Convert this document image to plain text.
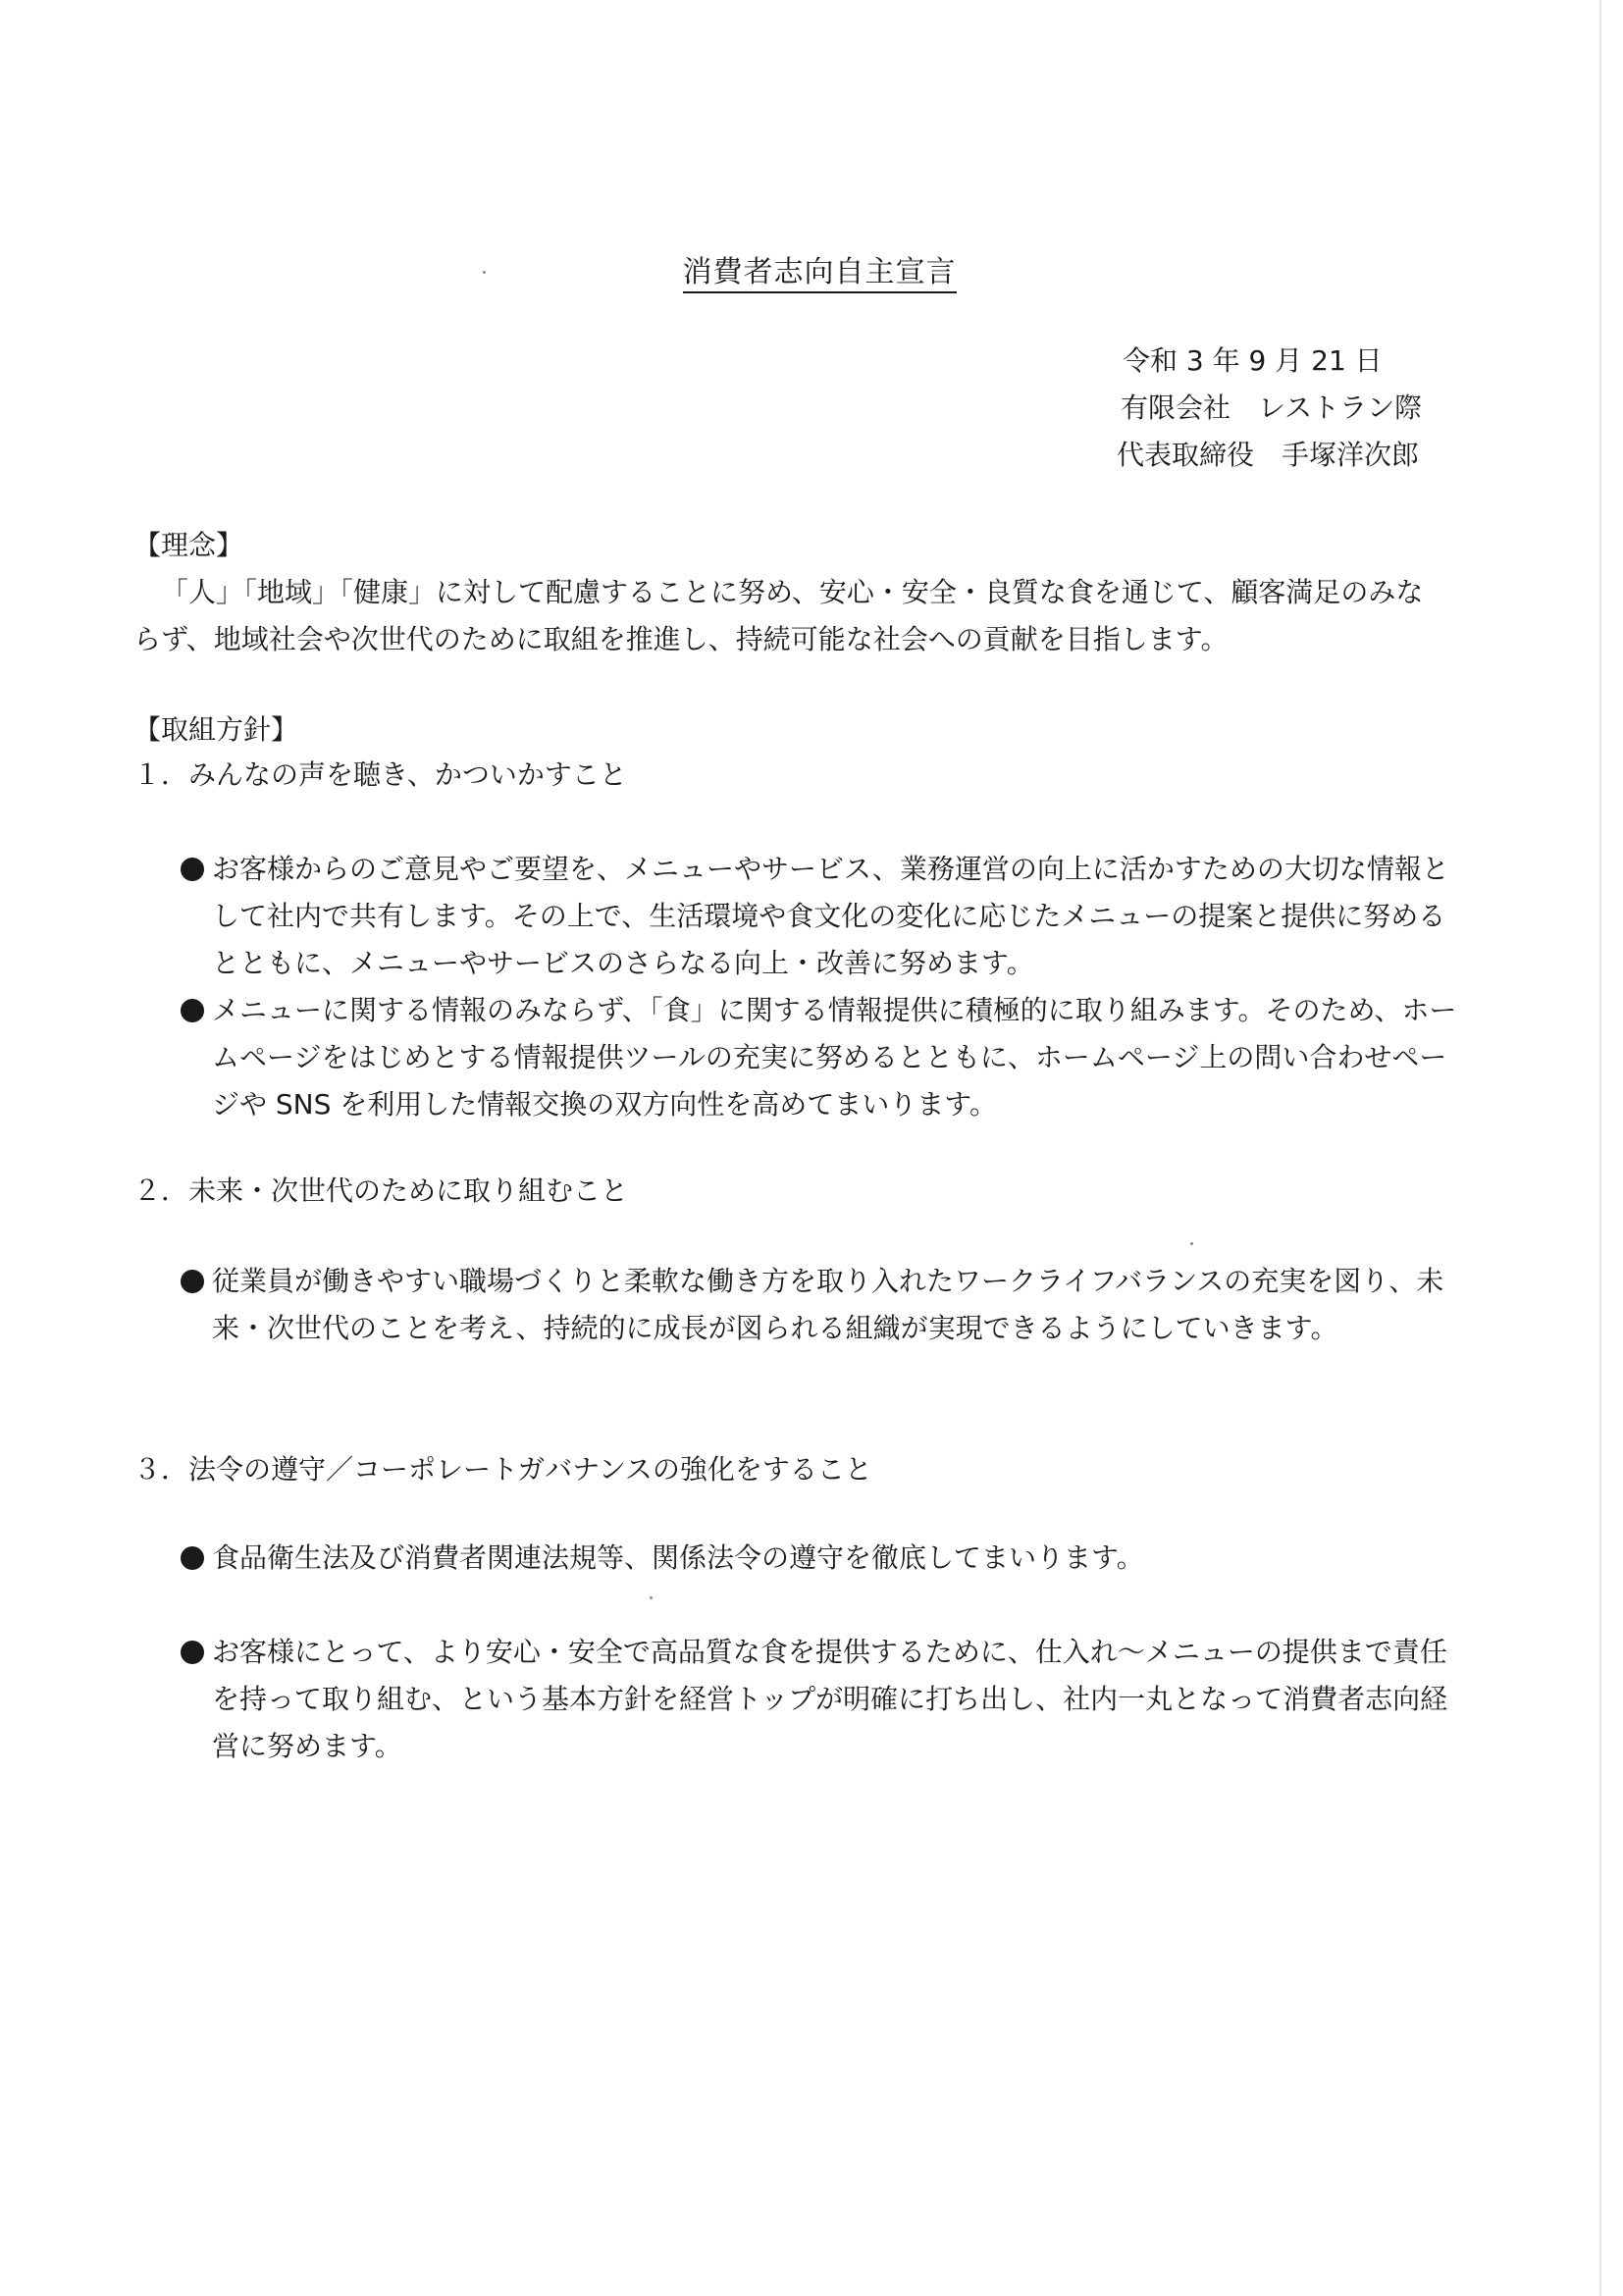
消費者志向自主宣言
令和 3 年 9 月 21 日
有限会社　レストラン際
代表取締役　手塚洋次郎
【理念】

「人」「地域」「健康」に対して配慮することに努め、安心・安全・良質な食を通じて、顧客満足のみならず、地域社会や次世代のために取組を推進し、持続可能な社会への貢献を目指します。

【取組方針】
１．みんなの声を聴き、かついかすこと
お客様からのご意見やご要望を、メニューやサービス、業務運営の向上に活かすための大切な情報として社内で共有します。その上で、生活環境や食文化の変化に応じたメニューの提案と提供に努めるとともに、メニューやサービスのさらなる向上・改善に努めます。
メニューに関する情報のみならず、「食」に関する情報提供に積極的に取り組みます。そのため、ホームページをはじめとする情報提供ツールの充実に努めるとともに、ホームページ上の問い合わせページや SNS を利用した情報交換の双方向性を高めてまいります。
２．未来・次世代のために取り組むこと
従業員が働きやすい職場づくりと柔軟な働き方を取り入れたワークライフバランスの充実を図り、未来・次世代のことを考え、持続的に成長が図られる組織が実現できるようにしていきます。
３．法令の遵守／コーポレートガバナンスの強化をすること
食品衛生法及び消費者関連法規等、関係法令の遵守を徹底してまいります。
お客様にとって、より安心・安全で高品質な食を提供するために、仕入れ～メニューの提供まで責任を持って取り組む、という基本方針を経営トップが明確に打ち出し、社内一丸となって消費者志向経営に努めます。
